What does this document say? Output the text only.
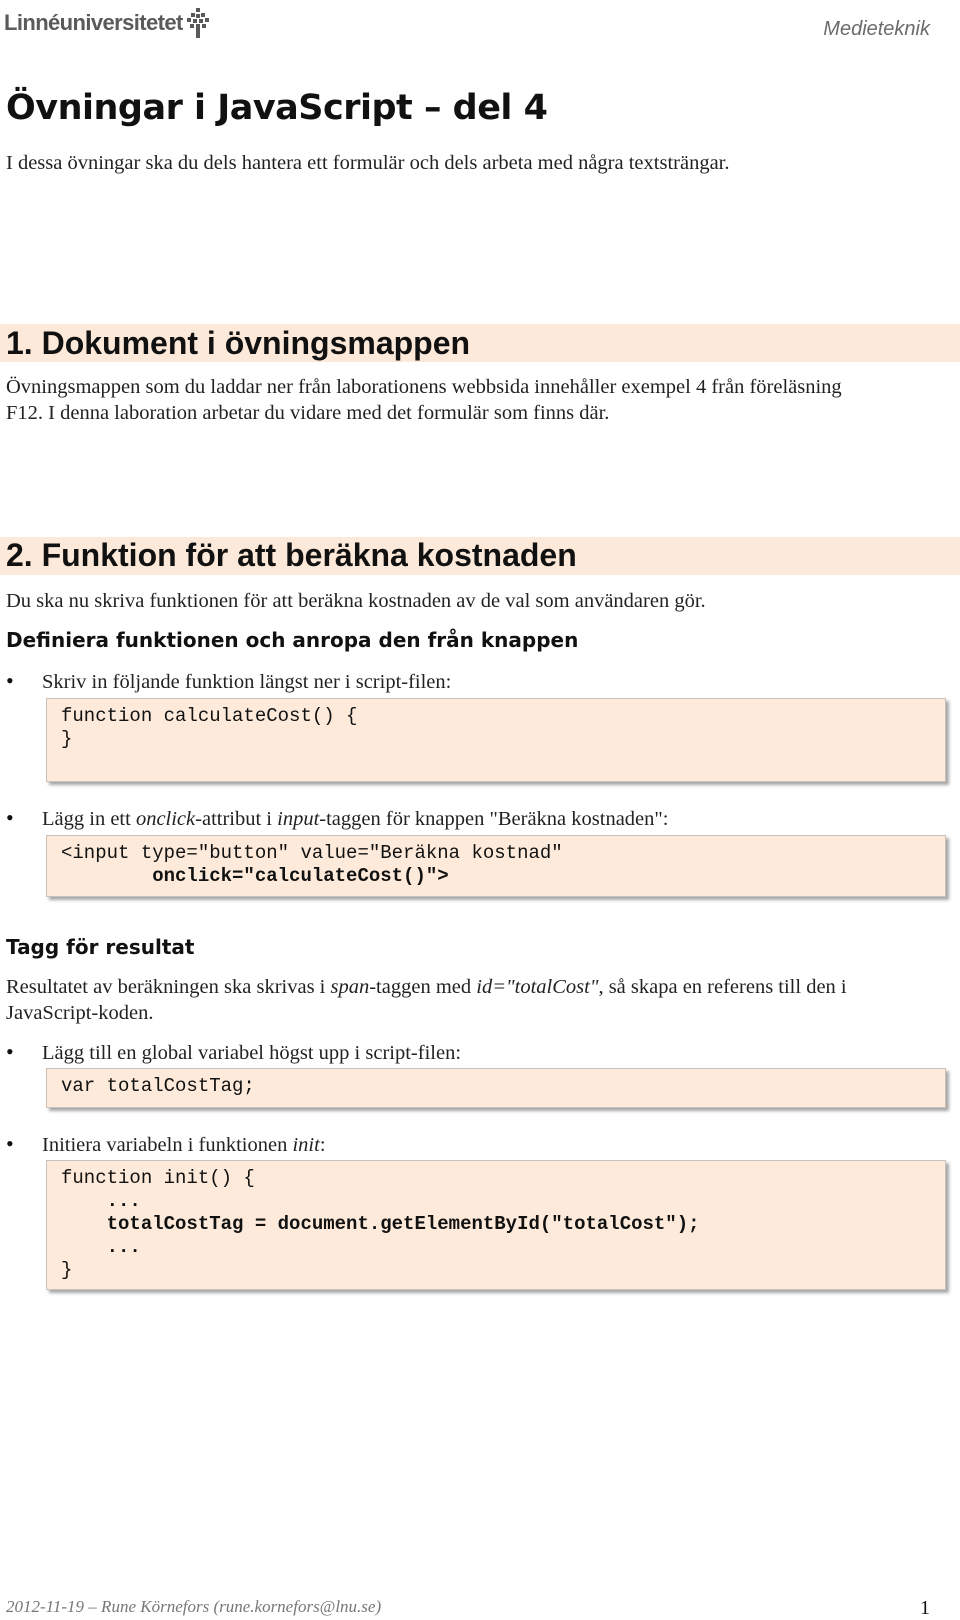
Linnéuniversitetet	Medieteknik
Övningar i JavaScript – del 4
I dessa övningar ska du dels hantera ett formulär och dels arbeta med några textsträngar.
1. Dokument i övningsmappen
Övningsmappen som du laddar ner från laborationens webbsida innehåller exempel 4 från föreläsning
F12. I denna laboration arbetar du vidare med det formulär som finns där.
2. Funktion för att beräkna kostnaden
Du ska nu skriva funktionen för att beräkna kostnaden av de val som användaren gör.
Definiera funktionen och anropa den från knappen
•	Skriv in följande funktion längst ner i script-filen:
function calculateCost() {
}
•	Lägg in ett onclick-attribut i input-taggen för knappen "Beräkna kostnaden":
<input type="button" value="Beräkna kostnad"
onclick="calculateCost()">
Tagg för resultat
Resultatet av beräkningen ska skrivas i span-taggen med id="totalCost", så skapa en referens till den i
JavaScript-koden.
•	Lägg till en global variabel högst upp i script-filen:
var totalCostTag;
•	Initiera variabeln i funktionen init:
function init() {
...
totalCostTag = document.getElementById("totalCost");
...
}
2012-11-19 – Rune Körnefors (rune.kornefors@lnu.se)	1
